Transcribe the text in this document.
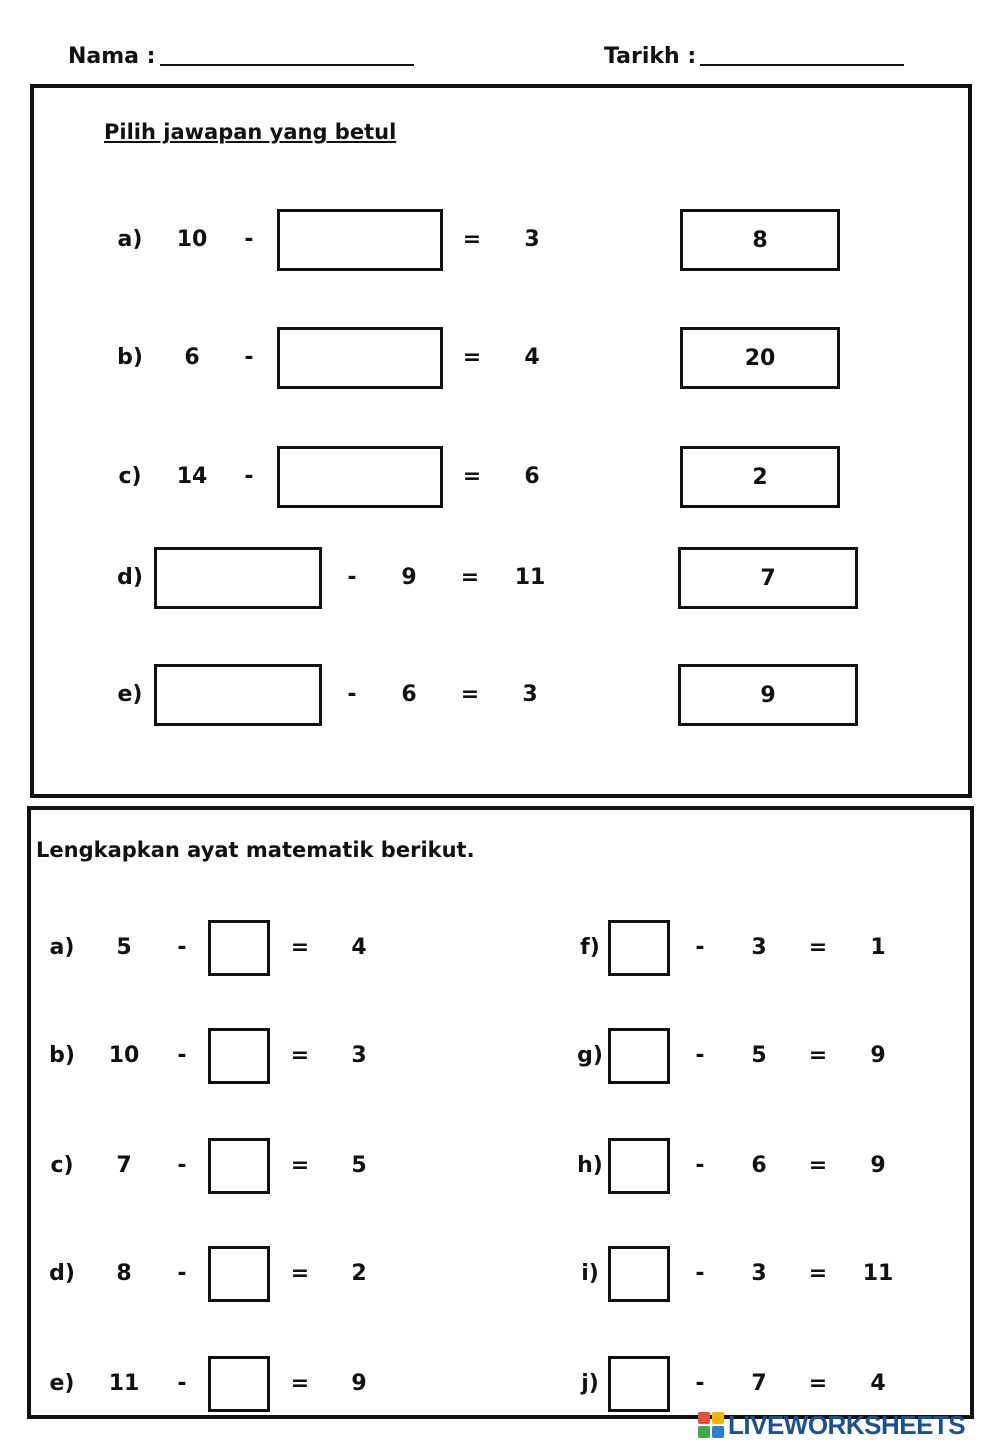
Nama :	Tarikh :
Pilih jawapan yang betul
a) 10 -	= 3	8
b) 6 -	= 4	20
c) 14 -	= 6	2
d)	- 9 = 11	7
e)	- 6 = 3	9
Lengkapkan ayat matematik berikut.
a) 5 -	= 4
b) 10 -	= 3
c) 7 -	= 5
d) 8 -	= 2
e) 11 -	= 9
f)	- 3 = 1
g)	- 5 = 9
h)	- 6 = 9
i)	- 3 = 11
j)	- 7 = 4
LIVEWORKSHEETS
